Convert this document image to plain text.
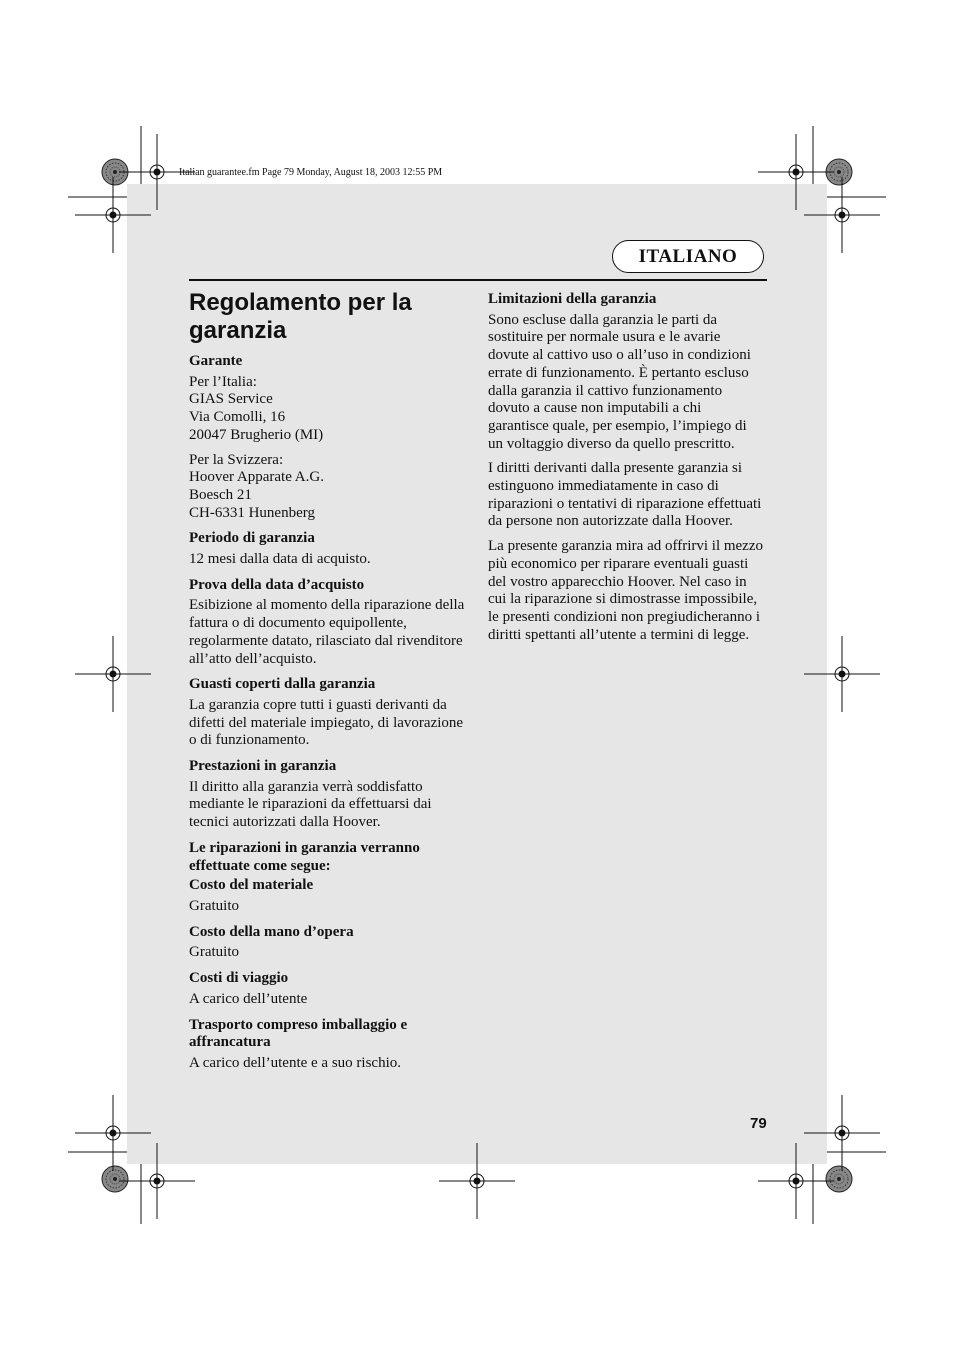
Italian guarantee.fm Page 79 Monday, August 18, 2003 12:55 PM
ITALIANO
Regolamento per la garanzia
Garante
Per l’Italia:
GIAS Service
Via Comolli, 16
20047 Brugherio (MI)
Per la Svizzera:
Hoover Apparate A.G.
Boesch 21
CH-6331 Hunenberg
Periodo di garanzia
12 mesi dalla data di acquisto.
Prova della data d’acquisto
Esibizione al momento della riparazione della fattura o di documento equipollente, regolarmente datato, rilasciato dal rivenditore all’atto dell’acquisto.
Guasti coperti dalla garanzia
La garanzia copre tutti i guasti derivanti da difetti del materiale impiegato, di lavorazione o di funzionamento.
Prestazioni in garanzia
Il diritto alla garanzia verrà soddisfatto mediante le riparazioni da effettuarsi dai tecnici autorizzati dalla Hoover.
Le riparazioni in garanzia verranno effettuate come segue:
Costo del materiale
Gratuito
Costo della mano d’opera
Gratuito
Costi di viaggio
A carico dell’utente
Trasporto compreso imballaggio e affrancatura
A carico dell’utente e a suo rischio.
Limitazioni della garanzia
Sono escluse dalla garanzia le parti da sostituire per normale usura e le avarie dovute al cattivo uso o all’uso in condizioni errate di funzionamento. È pertanto escluso dalla garanzia il cattivo funzionamento dovuto a cause non imputabili a chi garantisce quale, per esempio, l’impiego di un voltaggio diverso da quello prescritto.
I diritti derivanti dalla presente garanzia si estinguono immediatamente in caso di riparazioni o tentativi di riparazione effettuati da persone non autorizzate dalla Hoover.
La presente garanzia mira ad offrirvi il mezzo più economico per riparare eventuali guasti del vostro apparecchio Hoover. Nel caso in cui la riparazione si dimostrasse impossibile, le presenti condizioni non pregiudicheranno i diritti spettanti all’utente a termini di legge.
79
